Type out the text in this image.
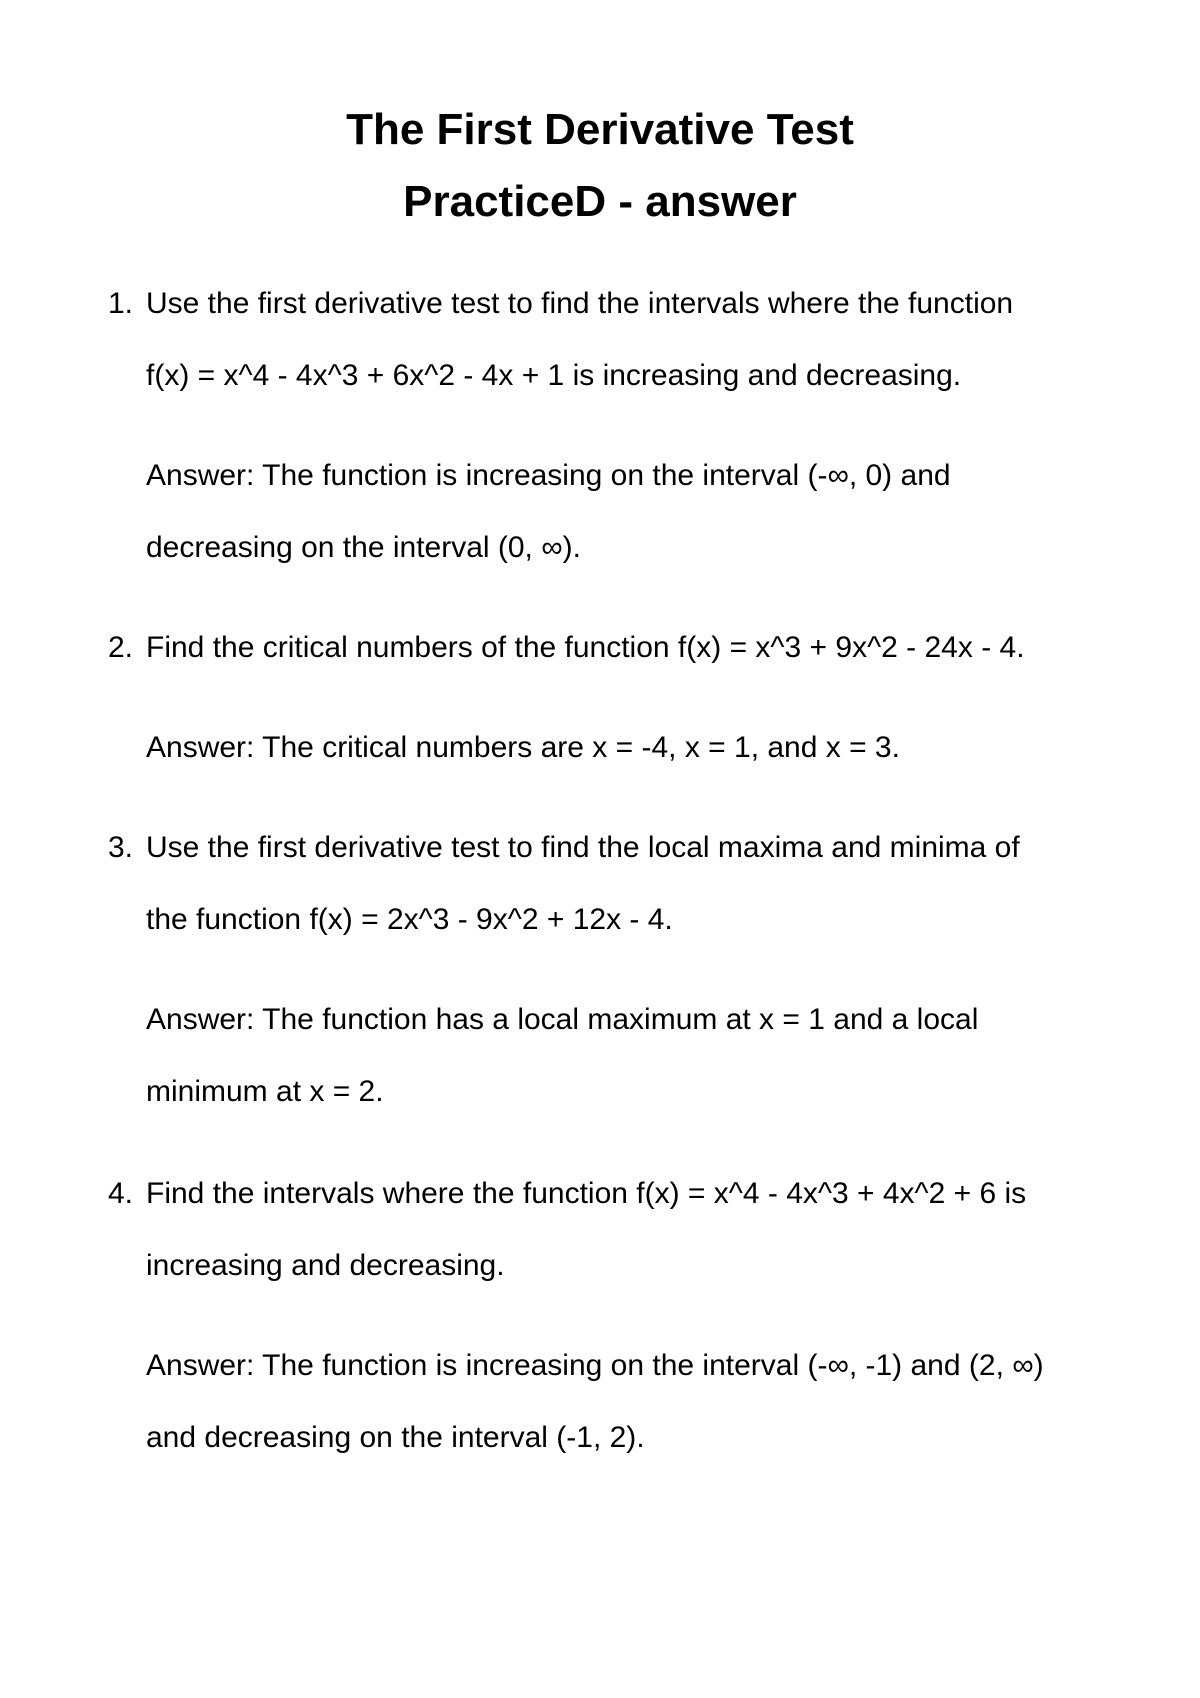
The First Derivative Test
PracticeD - answer
1. Use the first derivative test to find the intervals where the function
f(x) = x^4 - 4x^3 + 6x^2 - 4x + 1 is increasing and decreasing.
Answer: The function is increasing on the interval (-∞, 0) and
decreasing on the interval (0, ∞).
2. Find the critical numbers of the function f(x) = x^3 + 9x^2 - 24x - 4.
Answer: The critical numbers are x = -4, x = 1, and x = 3.
3. Use the first derivative test to find the local maxima and minima of
the function f(x) = 2x^3 - 9x^2 + 12x - 4.
Answer: The function has a local maximum at x = 1 and a local
minimum at x = 2.
4. Find the intervals where the function f(x) = x^4 - 4x^3 + 4x^2 + 6 is
increasing and decreasing.
Answer: The function is increasing on the interval (-∞, -1) and (2, ∞)
and decreasing on the interval (-1, 2).
